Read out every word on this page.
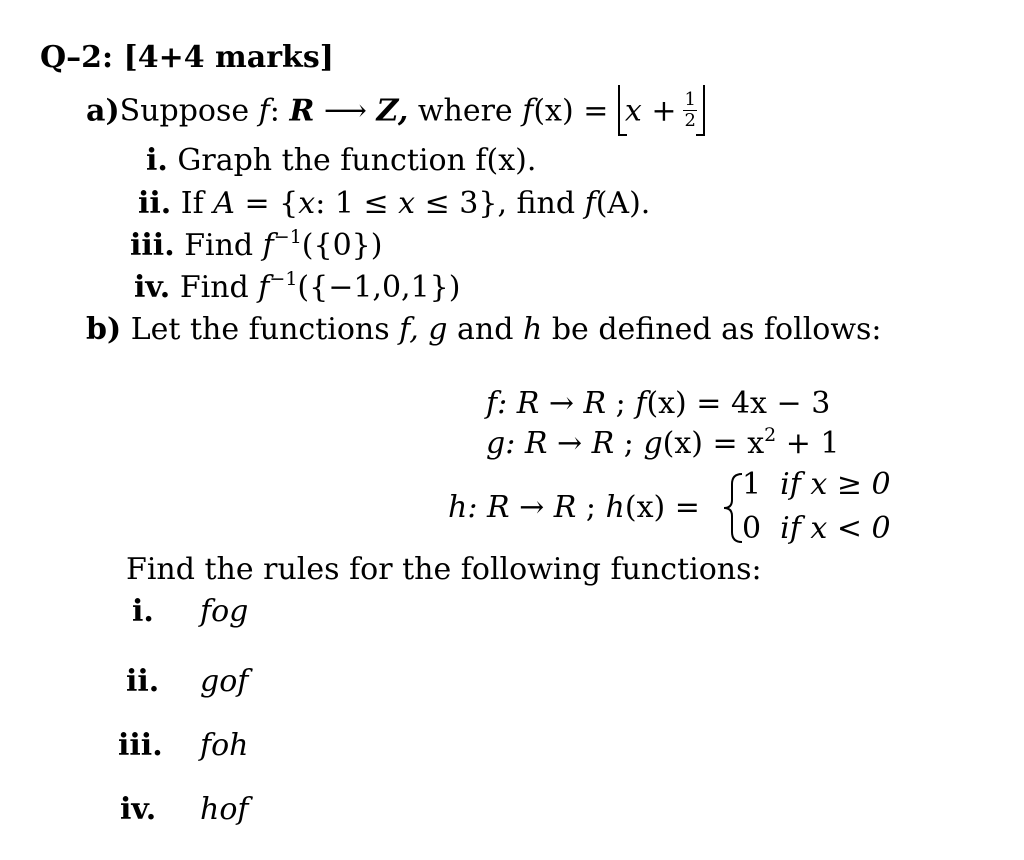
Q–2: [4+4 marks]
a)Suppose f: R ⟶ Z, where f(x) =
$x + \frac{1}{2}$
i. Graph the function f(x).
ii. If A = {x: 1 ≤ x ≤ 3}, find f(A).
iii. Find $f^{-1}(\{0\})$
iv. Find $f^{-1}(\{-1,0,1\})$
b) Let the functions f, g and h be defined as follows:
f: R → R ; f(x) = 4x − 3
g: R → R ; $g(x) = x^2 + 1$
h: R → R ; h(x) =
1 if x ≥ 0
0 if x < 0
Find the rules for the following functions:
i. fog
ii. gof
iii. foh
iv. hof
